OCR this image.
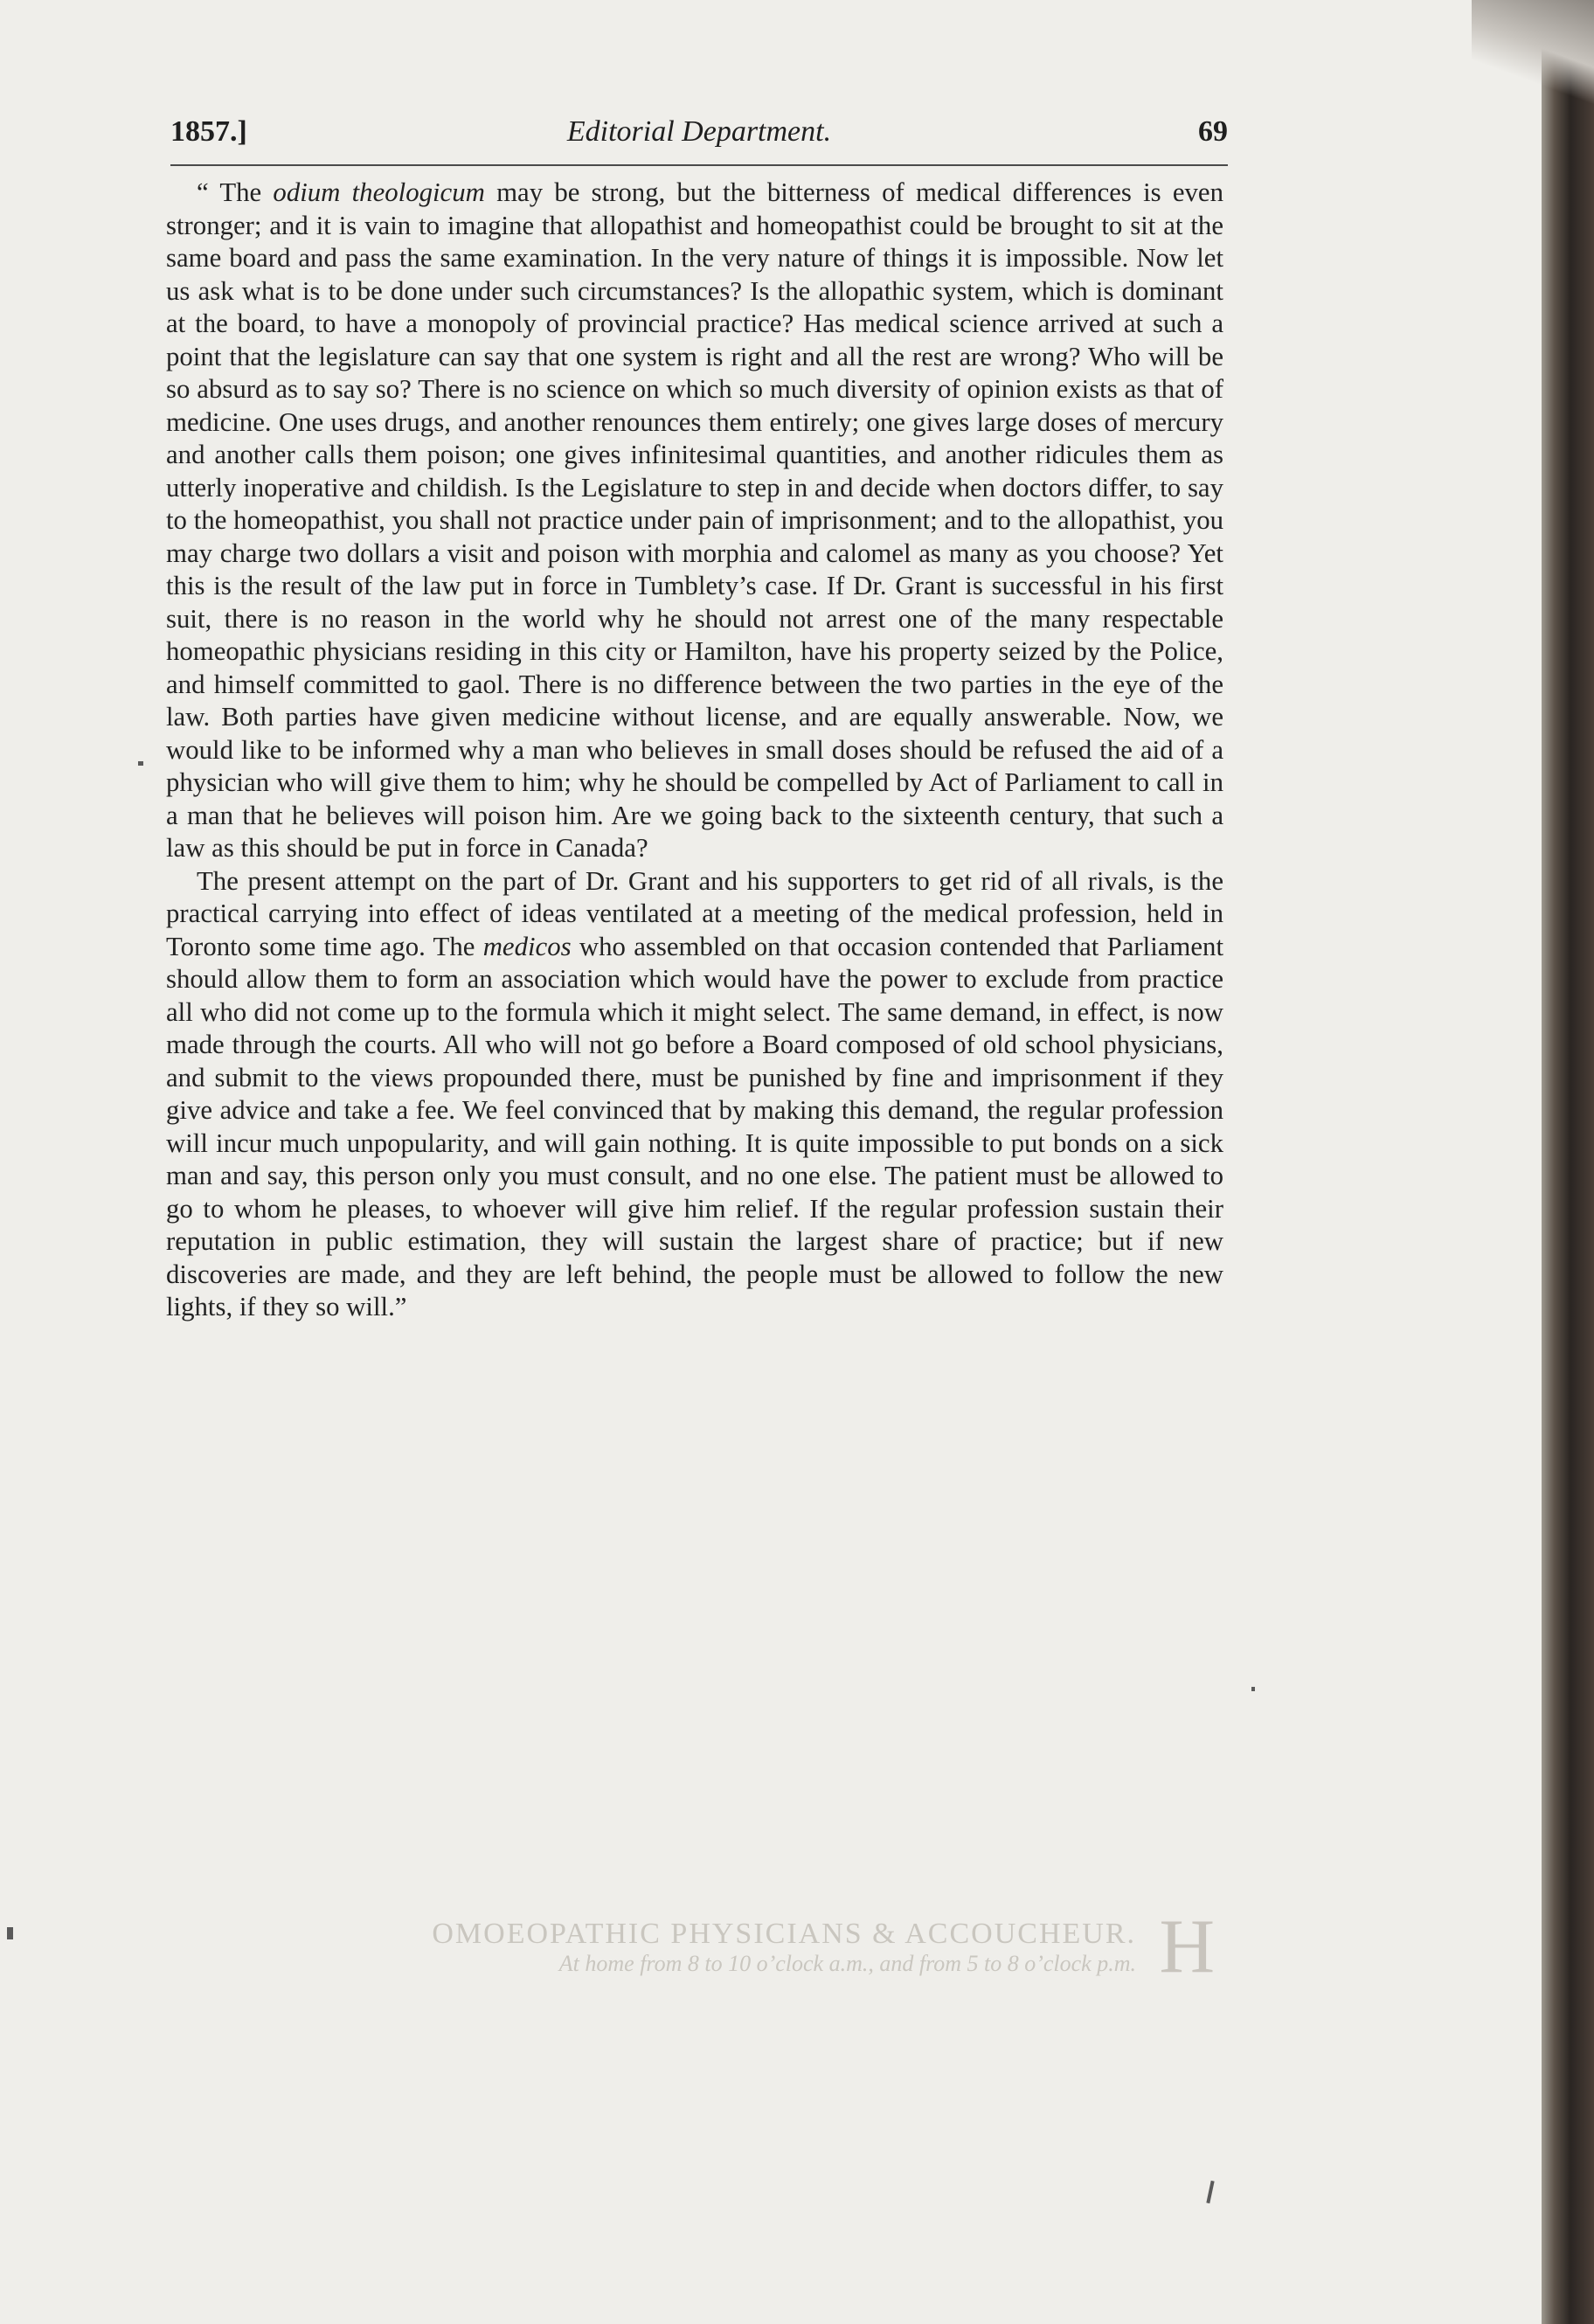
1857.]	Editorial Department.	69

“ The odium theologicum may be strong, but the bitterness of medical differences is even stronger; and it is vain to imagine that allopathist and homeopathist could be brought to sit at the same board and pass the same examination. In the very nature of things it is impossible. Now let us ask what is to be done under such circumstances? Is the allopathic system, which is dominant at the board, to have a monopoly of provincial practice? Has medical science arrived at such a point that the legislature can say that one system is right and all the rest are wrong? Who will be so absurd as to say so? There is no science on which so much diversity of opinion exists as that of medicine. One uses drugs, and another renounces them entirely; one gives large doses of mercury and another calls them poison; one gives infinitesimal quantities, and another ridicules them as utterly inoperative and childish. Is the Legislature to step in and decide when doctors differ, to say to the homeopathist, you shall not practice under pain of imprisonment; and to the allopathist, you may charge two dollars a visit and poison with morphia and calomel as many as you choose? Yet this is the result of the law put in force in Tumblety’s case. If Dr. Grant is successful in his first suit, there is no reason in the world why he should not arrest one of the many respectable homeopathic physicians residing in this city or Hamilton, have his property seized by the Police, and himself committed to gaol. There is no difference between the two parties in the eye of the law. Both parties have given medicine without license, and are equally answerable. Now, we would like to be informed why a man who believes in small doses should be refused the aid of a physician who will give them to him; why he should be compelled by Act of Parliament to call in a man that he believes will poison him. Are we going back to the sixteenth century, that such a law as this should be put in force in Canada?

The present attempt on the part of Dr. Grant and his supporters to get rid of all rivals, is the practical carrying into effect of ideas ventilated at a meeting of the medical profession, held in Toronto some time ago. The medicos who assembled on that occasion contended that Parliament should allow them to form an association which would have the power to exclude from practice all who did not come up to the formula which it might select. The same demand, in effect, is now made through the courts. All who will not go before a Board composed of old school physicians, and submit to the views propounded there, must be punished by fine and imprisonment if they give advice and take a fee. We feel convinced that by making this demand, the regular profession will incur much unpopularity, and will gain nothing. It is quite impossible to put bonds on a sick man and say, this person only you must consult, and no one else. The patient must be allowed to go to whom he pleases, to whoever will give him relief. If the regular profession sustain their reputation in public estimation, they will sustain the largest share of practice; but if new discoveries are made, and they are left behind, the people must be allowed to follow the new lights, if they so will.”

H
OMOEOPATHIC PHYSICIANS & ACCOUCHEUR.
At home from 8 to 10 o’clock a.m., and from 5 to 8 o’clock p.m.
